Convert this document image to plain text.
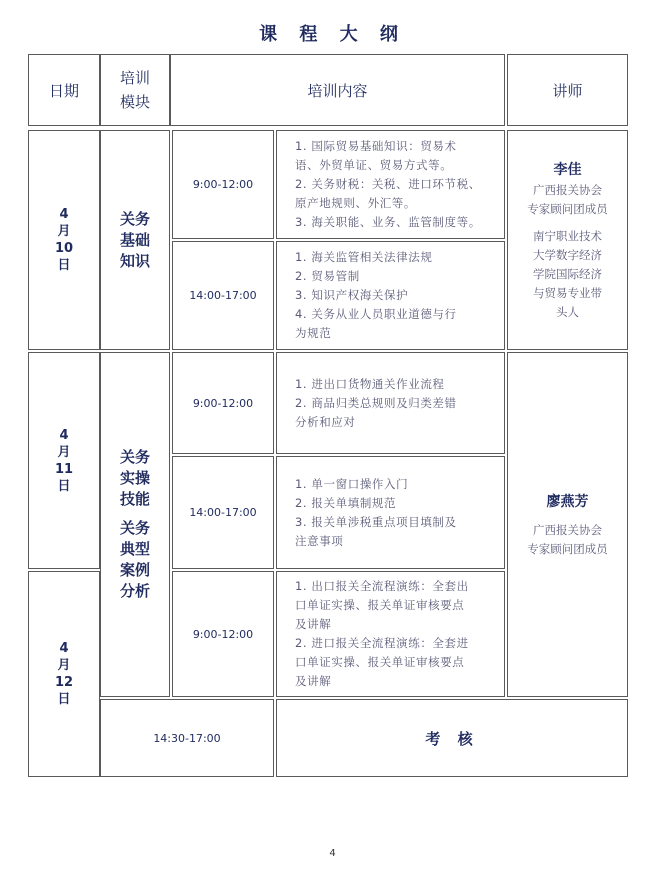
课 程 大 纲
日期
培训
模块
培训内容	讲师
4
月
10
日
4
月
11
日
4
月
12
日
关务
基础
知识
关务
实操
技能
关务
典型
案例
分析
9:00-12:00
14:00-17:00
9:00-12:00
14:00-17:00
9:00-12:00
1. 国际贸易基础知识：贸易术
语、外贸单证、贸易方式等。
2. 关务财税：关税、进口环节税、
原产地规则、外汇等。
3. 海关职能、业务、监管制度等。
1. 海关监管相关法律法规
2. 贸易管制
3. 知识产权海关保护
4. 关务从业人员职业道德与行
为规范
1. 进出口货物通关作业流程
2. 商品归类总规则及归类差错
分析和应对
1. 单一窗口操作入门
2. 报关单填制规范
3. 报关单涉税重点项目填制及
注意事项
1. 出口报关全流程演练：全套出
口单证实操、报关单证审核要点
及讲解
2. 进口报关全流程演练：全套进
口单证实操、报关单证审核要点
及讲解
李佳
广西报关协会
专家顾问团成员
南宁职业技术
大学数字经济
学院国际经济
与贸易专业带
头人
廖燕芳
广西报关协会
专家顾问团成员
14:30-17:00	考 核
4
